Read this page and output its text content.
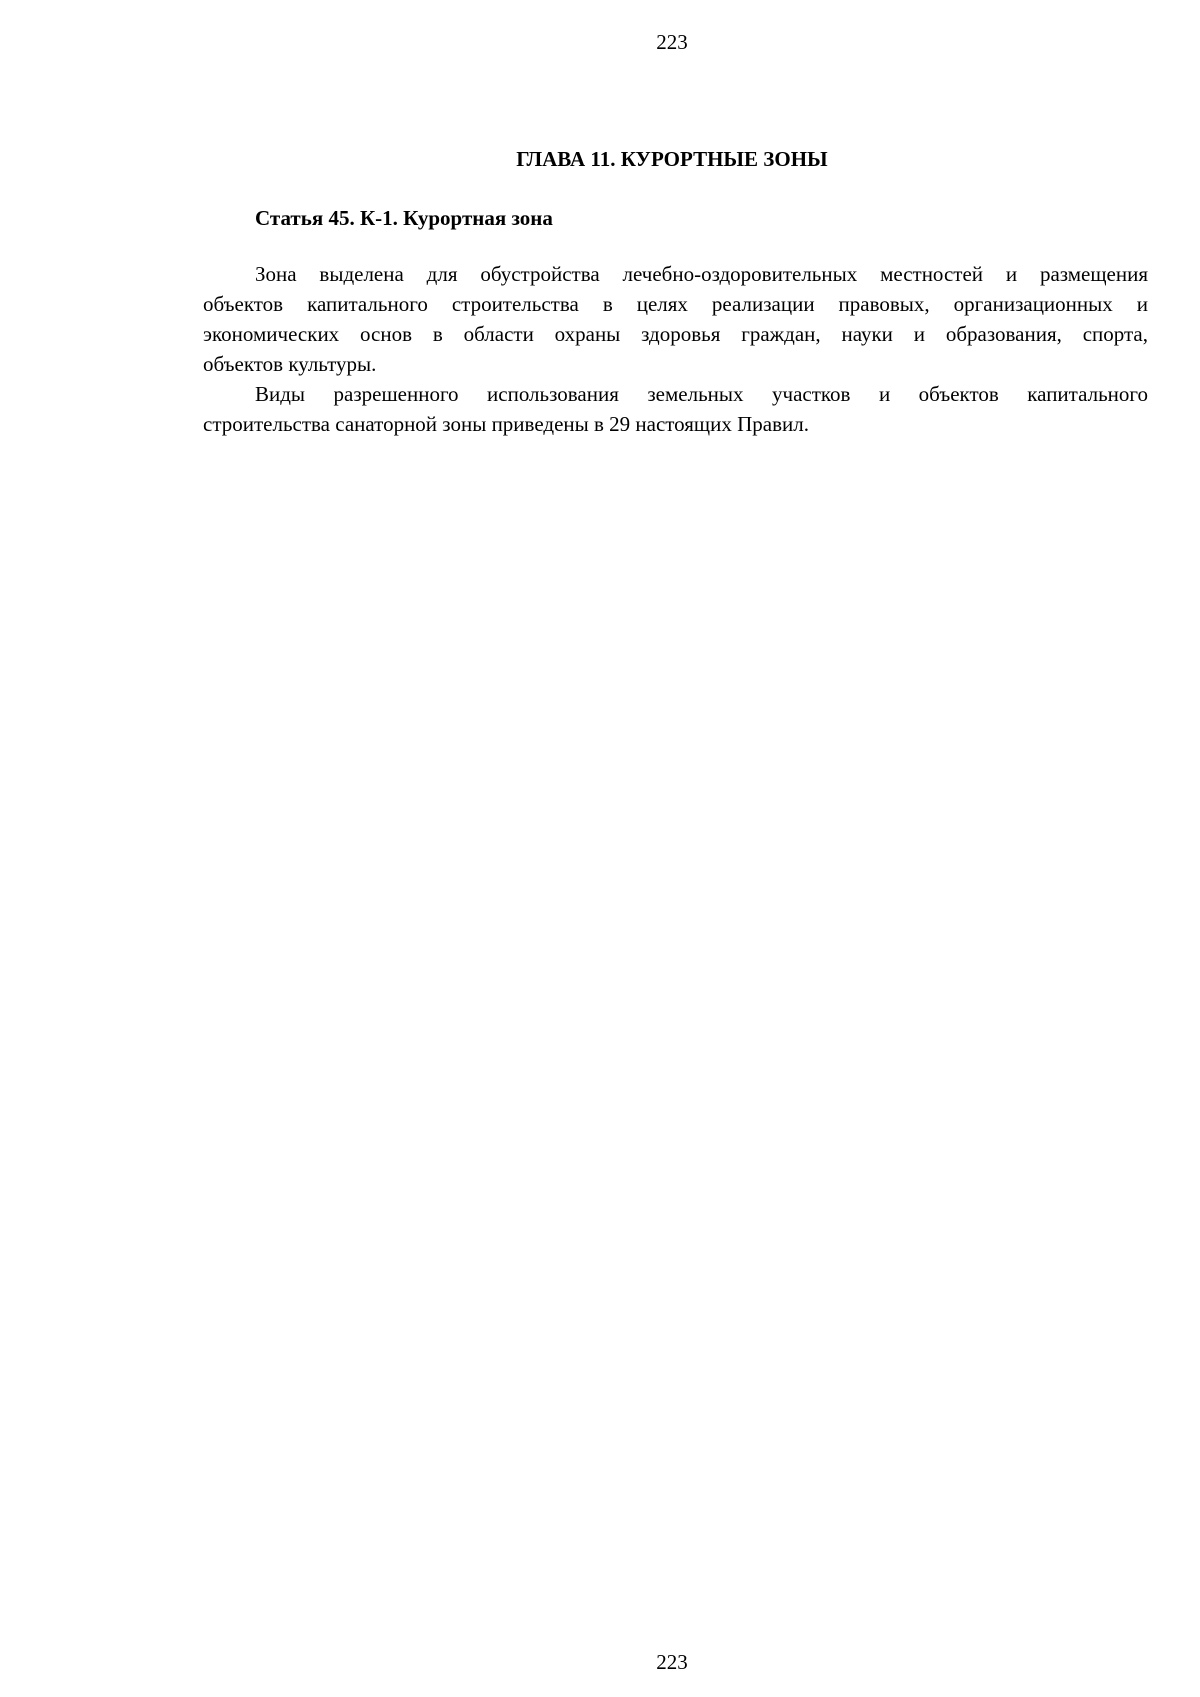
223
ГЛАВА 11. КУРОРТНЫЕ ЗОНЫ
Статья 45. К-1. Курортная зона
Зона выделена для обустройства лечебно-оздоровительных местностей и размещения
объектов капитального строительства в целях реализации правовых, организационных и
экономических основ в области охраны здоровья граждан, науки и образования, спорта,
объектов культуры.
Виды разрешенного использования земельных участков и объектов капитального
строительства санаторной зоны приведены в 29 настоящих Правил.
223
